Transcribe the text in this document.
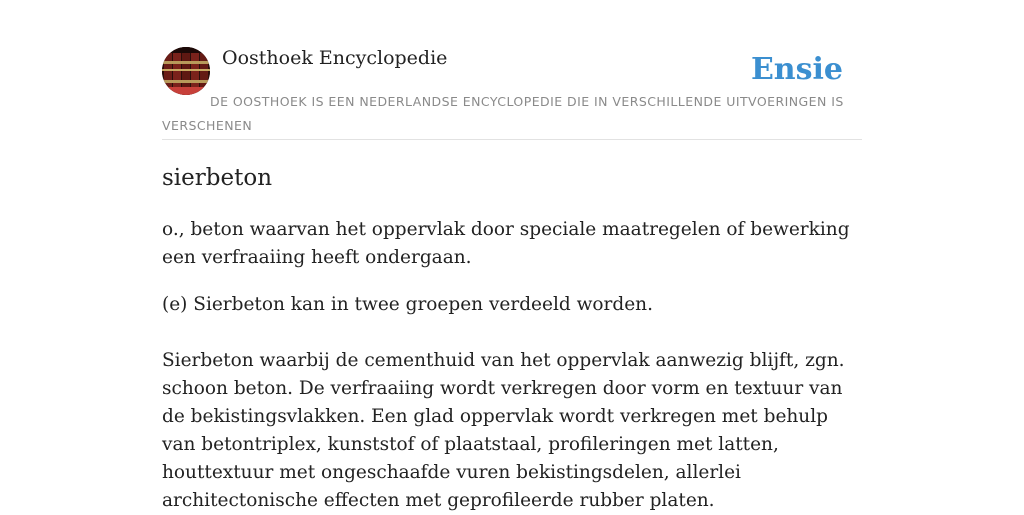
Oosthoek Encyclopedie	Ensie
DE OOSTHOEK IS EEN NEDERLANDSE ENCYCLOPEDIE DIE IN VERSCHILLENDE UITVOERINGEN IS VERSCHENEN
sierbeton

o., beton waarvan het oppervlak door speciale maatregelen of bewerking een verfraaiing heeft ondergaan.

(e) Sierbeton kan in twee groepen verdeeld worden.

Sierbeton waarbij de cementhuid van het oppervlak aanwezig blijft, zgn. schoon beton. De verfraaiing wordt verkregen door vorm en textuur van de bekistingsvlakken. Een glad oppervlak wordt verkregen met behulp van betontriplex, kunststof of plaatstaal, profileringen met latten, houttextuur met ongeschaafde vuren bekistingsdelen, allerlei architectonische effecten met geprofileerde rubber platen.
